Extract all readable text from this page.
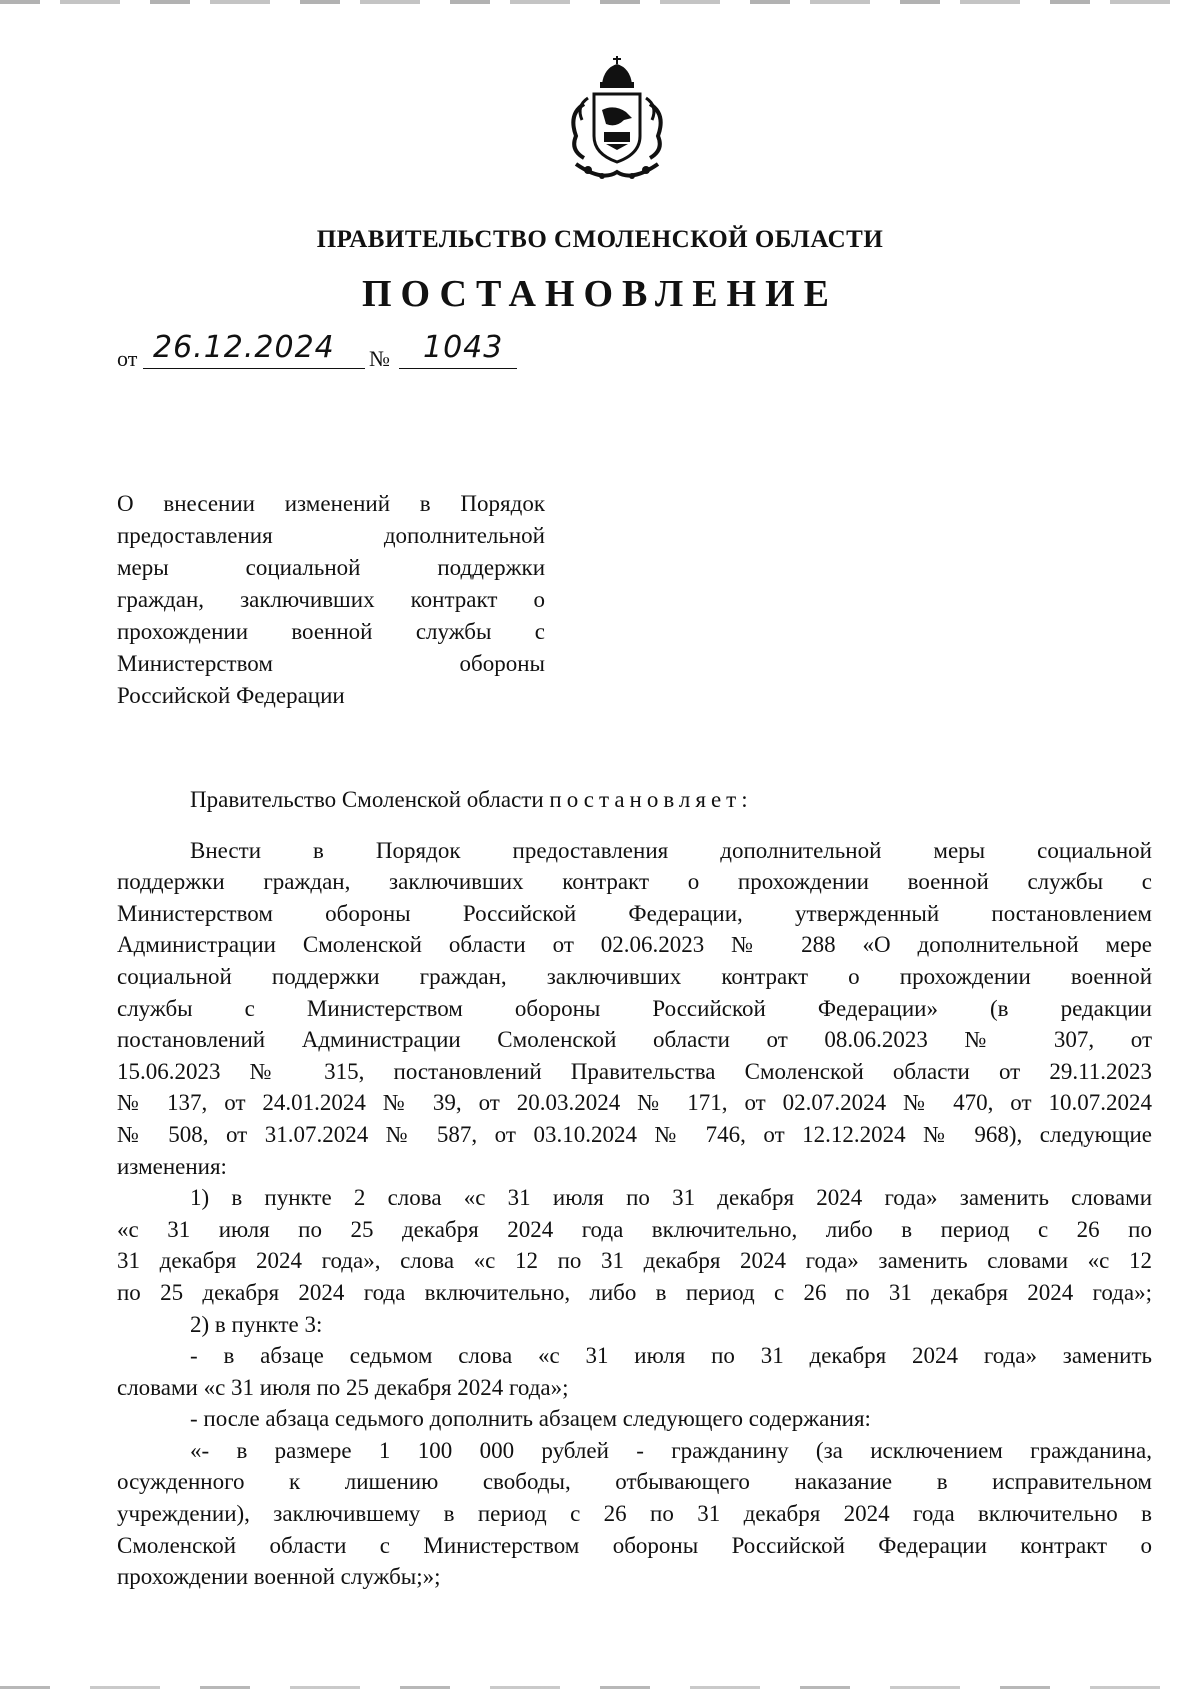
ПРАВИТЕЛЬСТВО СМОЛЕНСКОЙ ОБЛАСТИ
ПОСТАНОВЛЕНИЕ
от 26.12.2024 № 1043
О внесении изменений в Порядок
предоставления дополнительной
меры социальной поддержки
граждан, заключивших контракт о
прохождении военной службы с
Министерством обороны
Российской Федерации

Правительство Смоленской области постановляет:

Внести в Порядок предоставления дополнительной меры социальной
поддержки граждан, заключивших контракт о прохождении военной службы с
Министерством обороны Российской Федерации, утвержденный постановлением
Администрации Смоленской области от 02.06.2023 № 288 «О дополнительной мере
социальной поддержки граждан, заключивших контракт о прохождении военной
службы с Министерством обороны Российской Федерации» (в редакции
постановлений Администрации Смоленской области от 08.06.2023 № 307, от
15.06.2023 № 315, постановлений Правительства Смоленской области от 29.11.2023
№ 137, от 24.01.2024 № 39, от 20.03.2024 № 171, от 02.07.2024 № 470, от 10.07.2024
№ 508, от 31.07.2024 № 587, от 03.10.2024 № 746, от 12.12.2024 № 968), следующие
изменения:
1) в пункте 2 слова «с 31 июля по 31 декабря 2024 года» заменить словами
«с 31 июля по 25 декабря 2024 года включительно, либо в период с 26 по
31 декабря 2024 года», слова «с 12 по 31 декабря 2024 года» заменить словами «с 12
по 25 декабря 2024 года включительно, либо в период с 26 по 31 декабря 2024 года»;
2) в пункте 3:
- в абзаце седьмом слова «с 31 июля по 31 декабря 2024 года» заменить
словами «с 31 июля по 25 декабря 2024 года»;
- после абзаца седьмого дополнить абзацем следующего содержания:
«- в размере 1 100 000 рублей - гражданину (за исключением гражданина,
осужденного к лишению свободы, отбывающего наказание в исправительном
учреждении), заключившему в период с 26 по 31 декабря 2024 года включительно в
Смоленской области с Министерством обороны Российской Федерации контракт о
прохождении военной службы;»;
